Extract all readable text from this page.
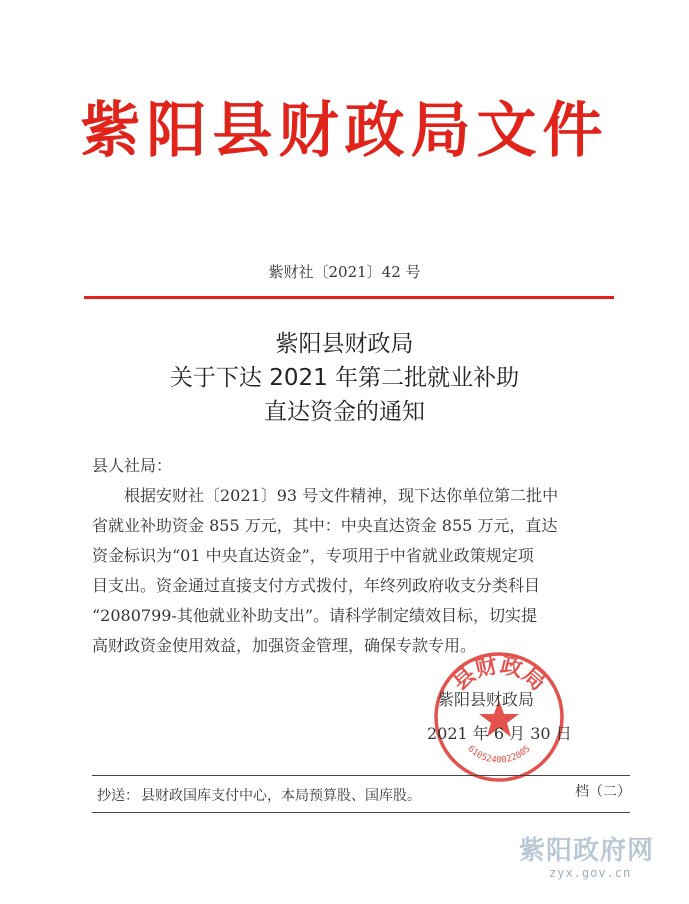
紫阳县财政局文件
紫财社〔2021〕42 号
紫阳县财政局
关于下达 2021 年第二批就业补助
直达资金的通知
县人社局：
根据安财社〔2021〕93 号文件精神，现下达你单位第二批中
省就业补助资金 855 万元，其中：中央直达资金 855 万元，直达
资金标识为“01 中央直达资金”，专项用于中省就业政策规定项
目支出。资金通过直接支付方式拨付，年终列政府收支分类科目
“2080799-其他就业补助支出”。请科学制定绩效目标，切实提
高财政资金使用效益，加强资金管理，确保专款专用。
县财政局
6105240022005
紫阳县财政局
2021 年 6 月 30 日
抄送： 县财政国库支付中心，本局预算股、国库股。	档（二）
紫阳政府网
zyx.gov.cn
